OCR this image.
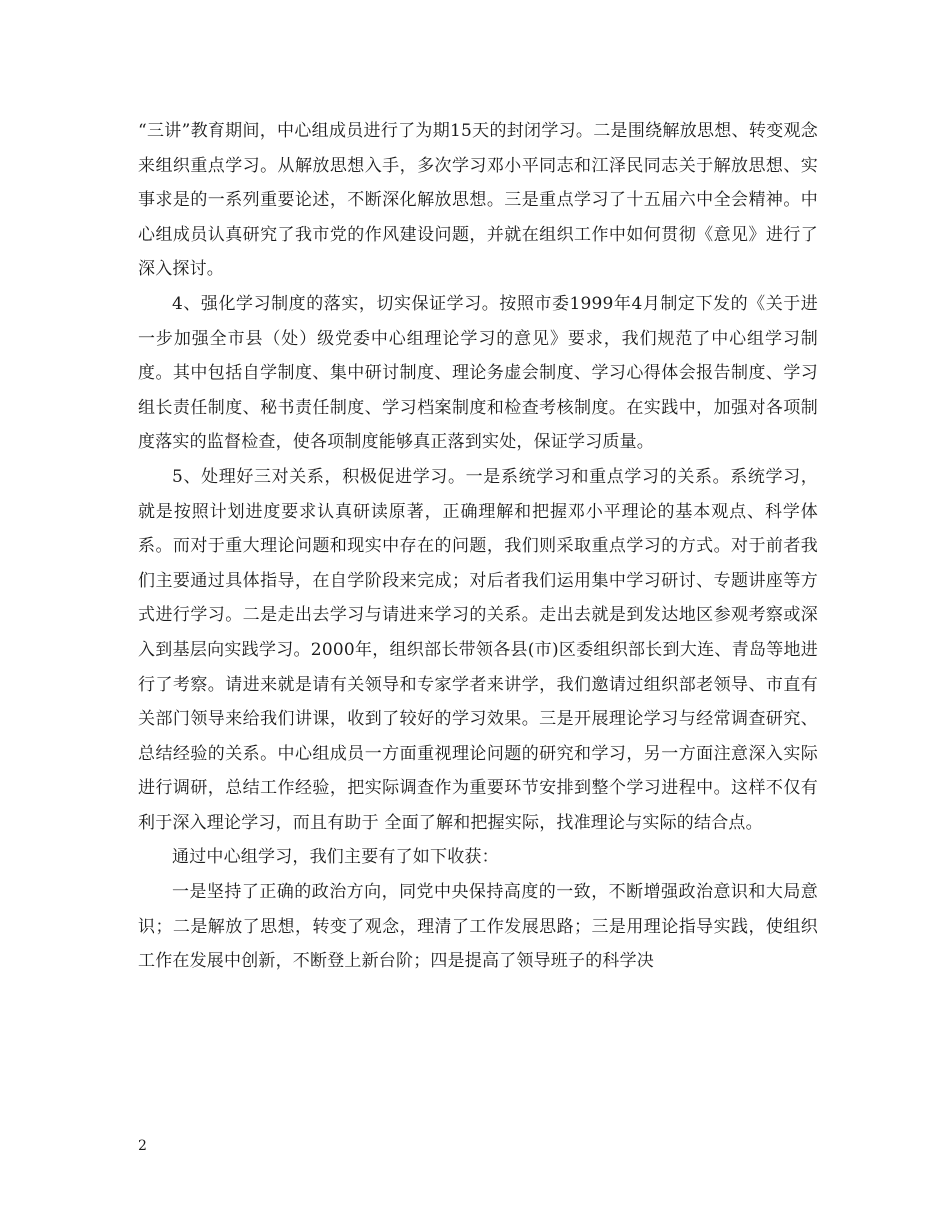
“三讲”教育期间，中心组成员进行了为期15天的封闭学习。二是围绕解放思想、转变观念来组织重点学习。从解放思想入手，多次学习邓小平同志和江泽民同志关于解放思想、实事求是的一系列重要论述，不断深化解放思想。三是重点学习了十五届六中全会精神。中心组成员认真研究了我市党的作风建设问题，并就在组织工作中如何贯彻《意见》进行了深入探讨。

4、强化学习制度的落实，切实保证学习。按照市委1999年4月制定下发的《关于进一步加强全市县（处）级党委中心组理论学习的意见》要求，我们规范了中心组学习制度。其中包括自学制度、集中研讨制度、理论务虚会制度、学习心得体会报告制度、学习组长责任制度、秘书责任制度、学习档案制度和检查考核制度。在实践中，加强对各项制度落实的监督检查，使各项制度能够真正落到实处，保证学习质量。

5、处理好三对关系，积极促进学习。一是系统学习和重点学习的关系。系统学习，就是按照计划进度要求认真研读原著，正确理解和把握邓小平理论的基本观点、科学体系。而对于重大理论问题和现实中存在的问题，我们则采取重点学习的方式。对于前者我们主要通过具体指导，在自学阶段来完成；对后者我们运用集中学习研讨、专题讲座等方式进行学习。二是走出去学习与请进来学习的关系。走出去就是到发达地区参观考察或深入到基层向实践学习。2000年，组织部长带领各县(市)区委组织部长到大连、青岛等地进行了考察。请进来就是请有关领导和专家学者来讲学，我们邀请过组织部老领导、市直有关部门领导来给我们讲课，收到了较好的学习效果。三是开展理论学习与经常调查研究、总结经验的关系。中心组成员一方面重视理论问题的研究和学习，另一方面注意深入实际进行调研，总结工作经验，把实际调查作为重要环节安排到整个学习进程中。这样不仅有利于深入理论学习，而且有助于 全面了解和把握实际，找准理论与实际的结合点。

通过中心组学习，我们主要有了如下收获：

一是坚持了正确的政治方向，同党中央保持高度的一致，不断增强政治意识和大局意识；二是解放了思想，转变了观念，理清了工作发展思路；三是用理论指导实践，使组织工作在发展中创新，不断登上新台阶；四是提高了领导班子的科学决

2
